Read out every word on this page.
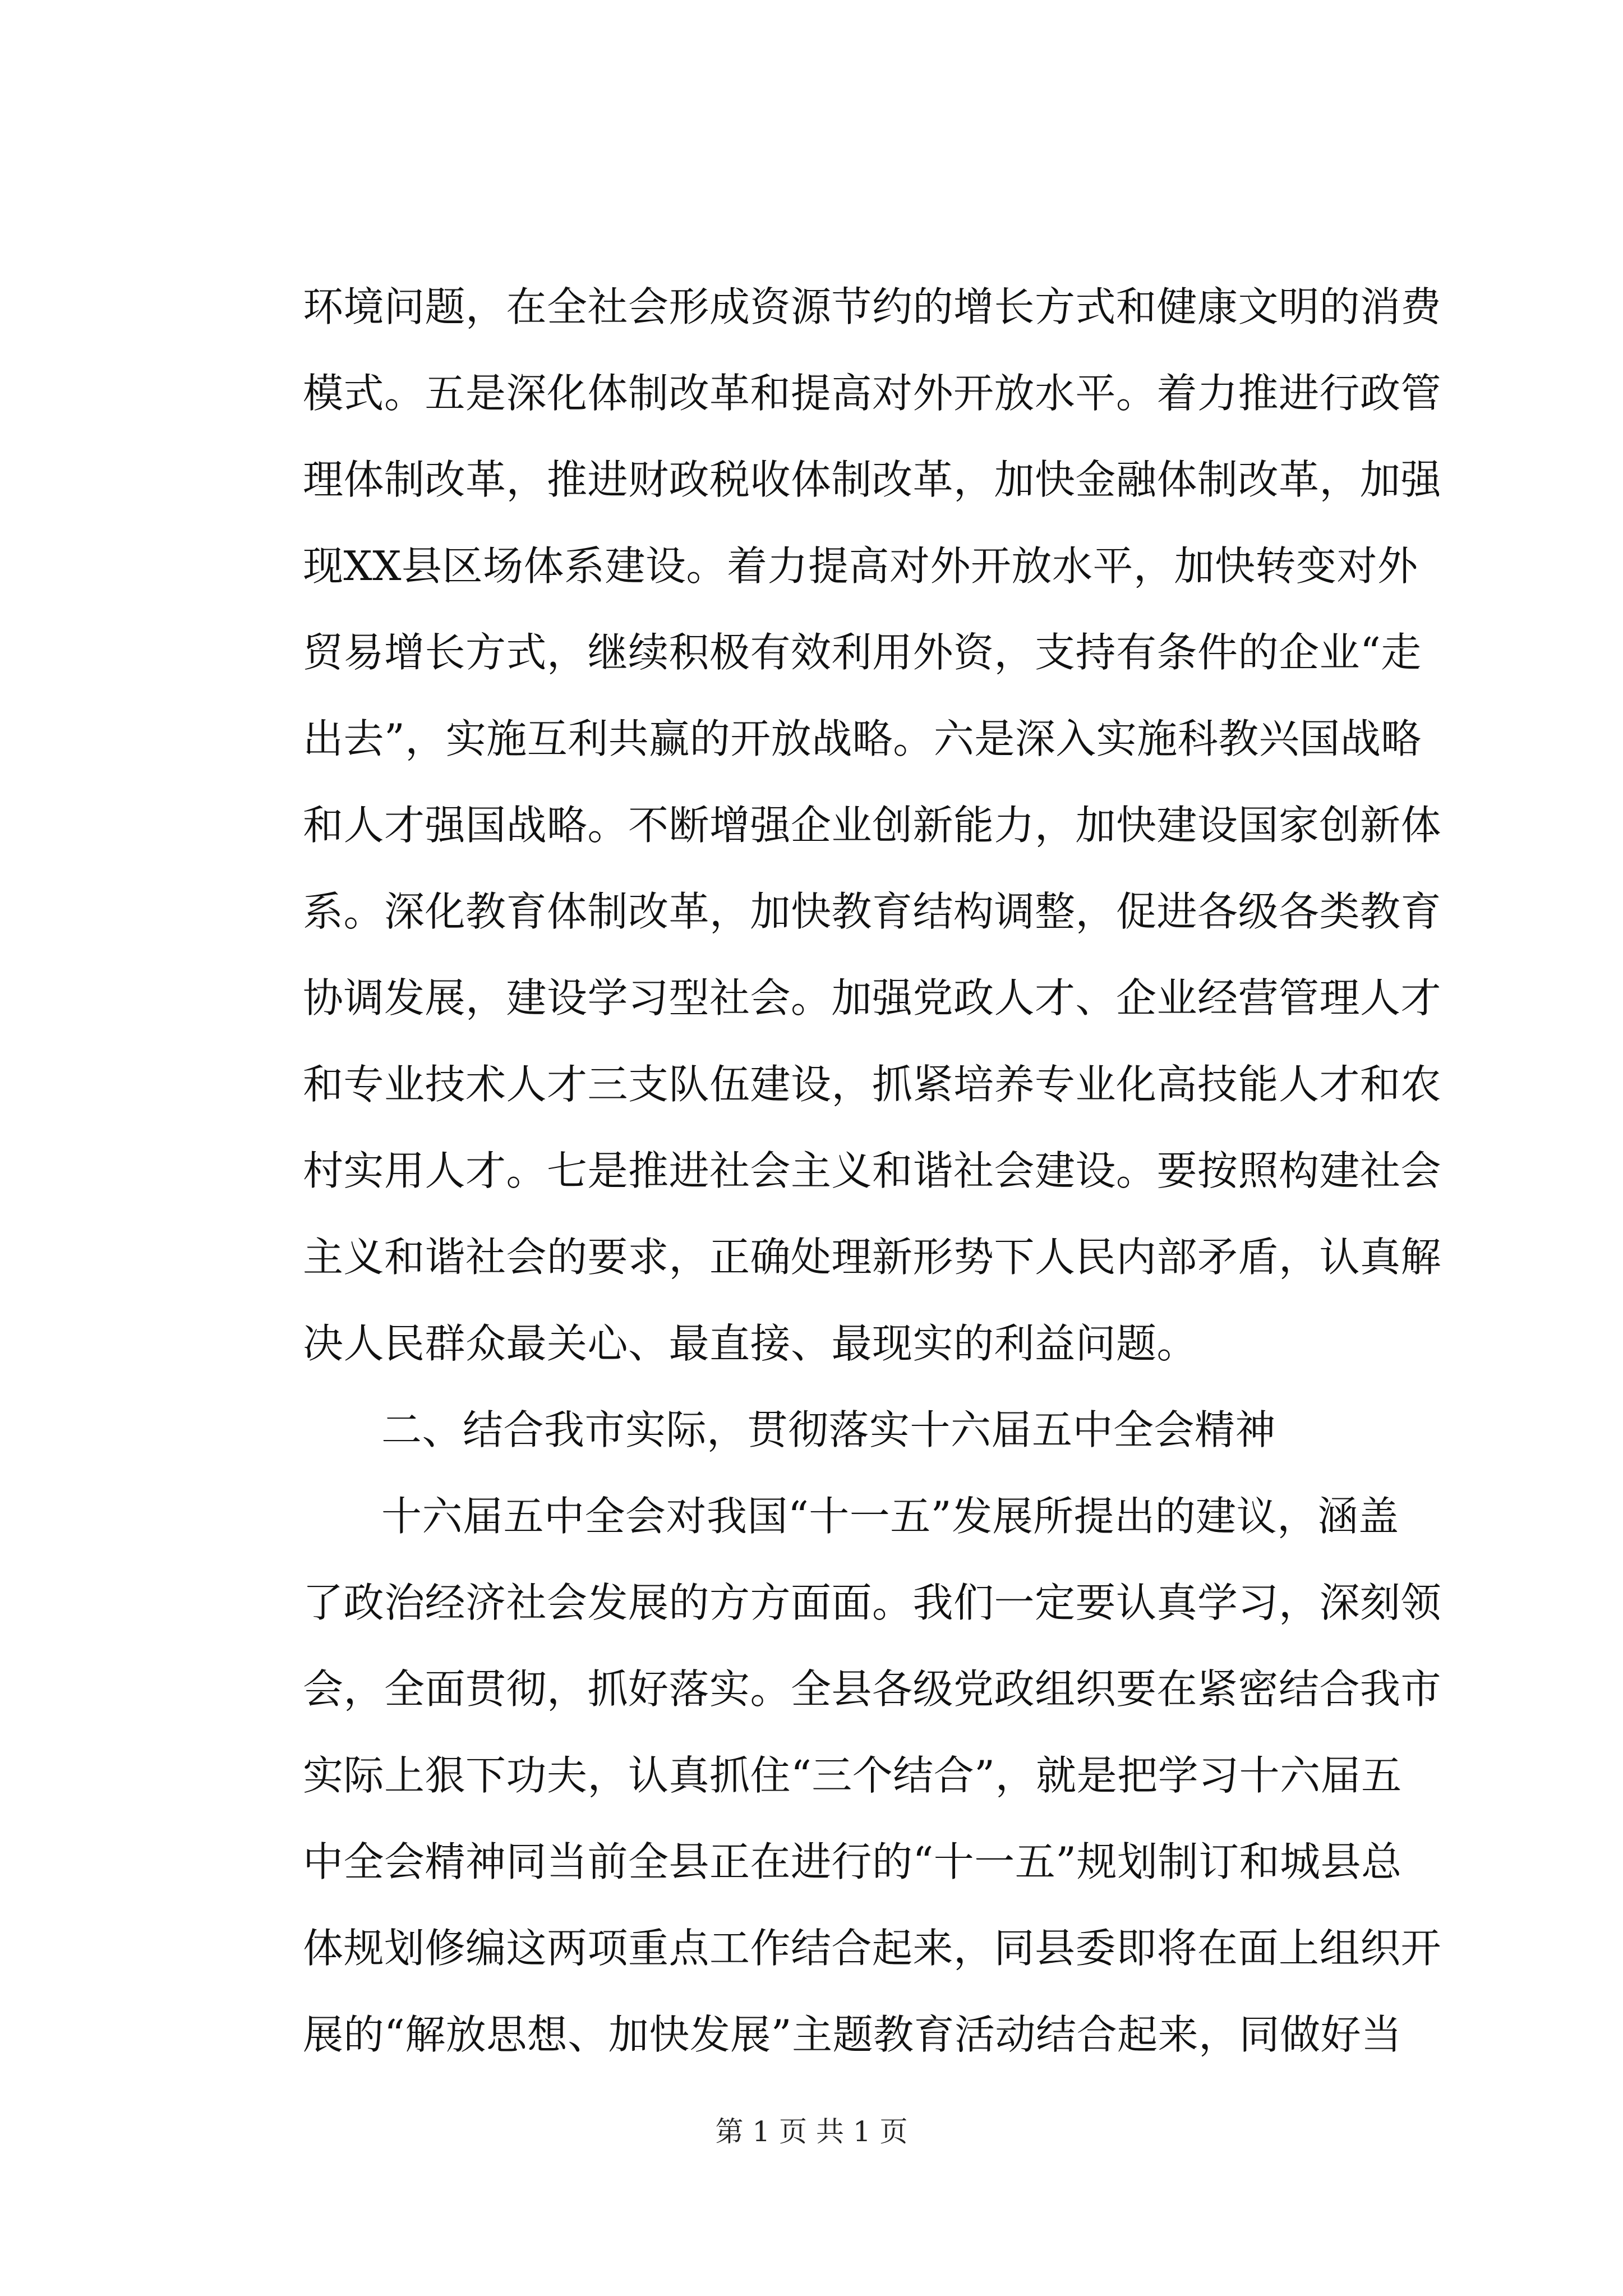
环境问题，在全社会形成资源节约的增长方式和健康文明的消费
模式。五是深化体制改革和提高对外开放水平。着力推进行政管
理体制改革，推进财政税收体制改革，加快金融体制改革，加强
现XX县区场体系建设。着力提高对外开放水平，加快转变对外
贸易增长方式，继续积极有效利用外资，支持有条件的企业“走
出去”，实施互利共赢的开放战略。六是深入实施科教兴国战略
和人才强国战略。不断增强企业创新能力，加快建设国家创新体
系。深化教育体制改革，加快教育结构调整，促进各级各类教育
协调发展，建设学习型社会。加强党政人才、企业经营管理人才
和专业技术人才三支队伍建设，抓紧培养专业化高技能人才和农
村实用人才。七是推进社会主义和谐社会建设。要按照构建社会
主义和谐社会的要求，正确处理新形势下人民内部矛盾，认真解
决人民群众最关心、最直接、最现实的利益问题。
二、结合我市实际，贯彻落实十六届五中全会精神
十六届五中全会对我国“十一五”发展所提出的建议，涵盖
了政治经济社会发展的方方面面。我们一定要认真学习，深刻领
会，全面贯彻，抓好落实。全县各级党政组织要在紧密结合我市
实际上狠下功夫，认真抓住“三个结合”，就是把学习十六届五
中全会精神同当前全县正在进行的“十一五”规划制订和城县总
体规划修编这两项重点工作结合起来，同县委即将在面上组织开
展的“解放思想、加快发展”主题教育活动结合起来，同做好当
第 1 页 共 1 页
